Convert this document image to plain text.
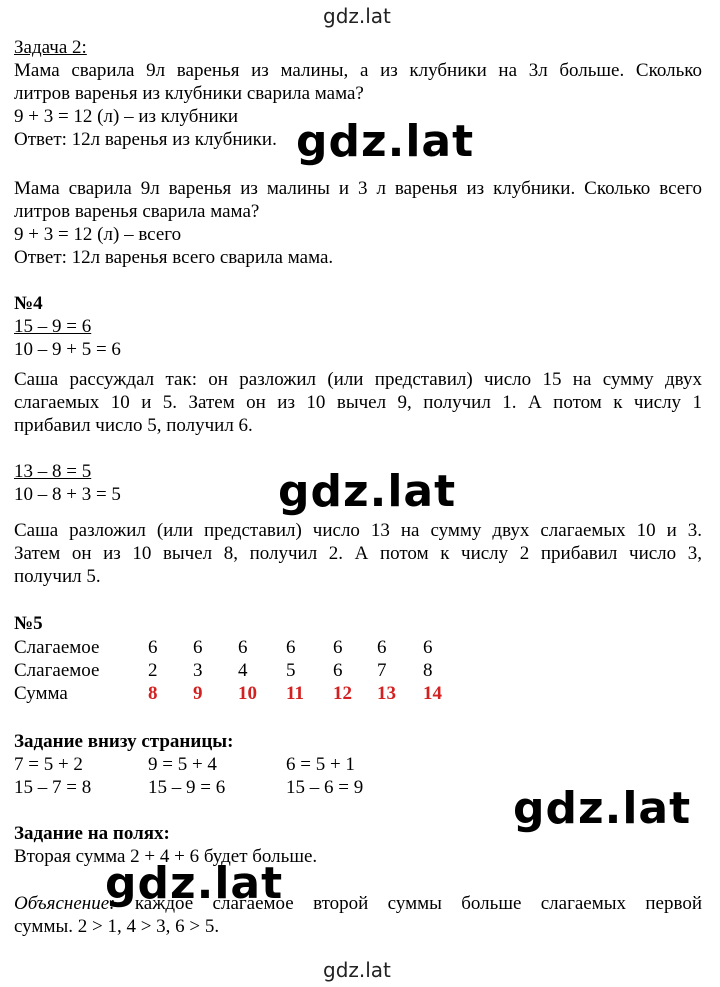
gdz.lat

Задача 2:

Мама сварила 9л варенья из малины, а из клубники на 3л больше. Сколько

литров варенья из клубники сварила мама?

9 + 3 = 12 (л) – из клубники

Ответ: 12л варенья из клубники.

Мама сварила 9л варенья из малины и 3 л варенья из клубники. Сколько всего

литров варенья сварила мама?

9 + 3 = 12 (л) – всего

Ответ: 12л варенья всего сварила мама.

№4

15 – 9 = 6

10 – 9 + 5 = 6

Саша рассуждал так: он разложил (или представил) число 15 на сумму двух

слагаемых 10 и 5. Затем он из 10 вычел 9, получил 1. А потом к числу 1

прибавил число 5, получил 6.

13 – 8 = 5

10 – 8 + 3 = 5

Саша разложил (или представил) число 13 на сумму двух слагаемых 10 и 3.

Затем он из 10 вычел 8, получил 2. А потом к числу 2 прибавил число 3,

получил 5.

№5

Слагаемое	6 6 6 6 6 6 6
Слагаемое	2 3 4 5 6 7 8
Сумма	8 9 10 11 12 13 14

Задание внизу страницы:

7 = 5 + 2	9 = 5 + 4	6 = 5 + 1
15 – 7 = 8	15 – 9 = 6	15 – 6 = 9

Задание на полях:

Вторая сумма 2 + 4 + 6 будет больше.

Объяснение: каждое слагаемое второй суммы больше слагаемых первой

суммы. 2 > 1, 4 > 3, 6 > 5.

gdz.lat
gdz.lat
gdz.lat
gdz.lat
gdz.lat
